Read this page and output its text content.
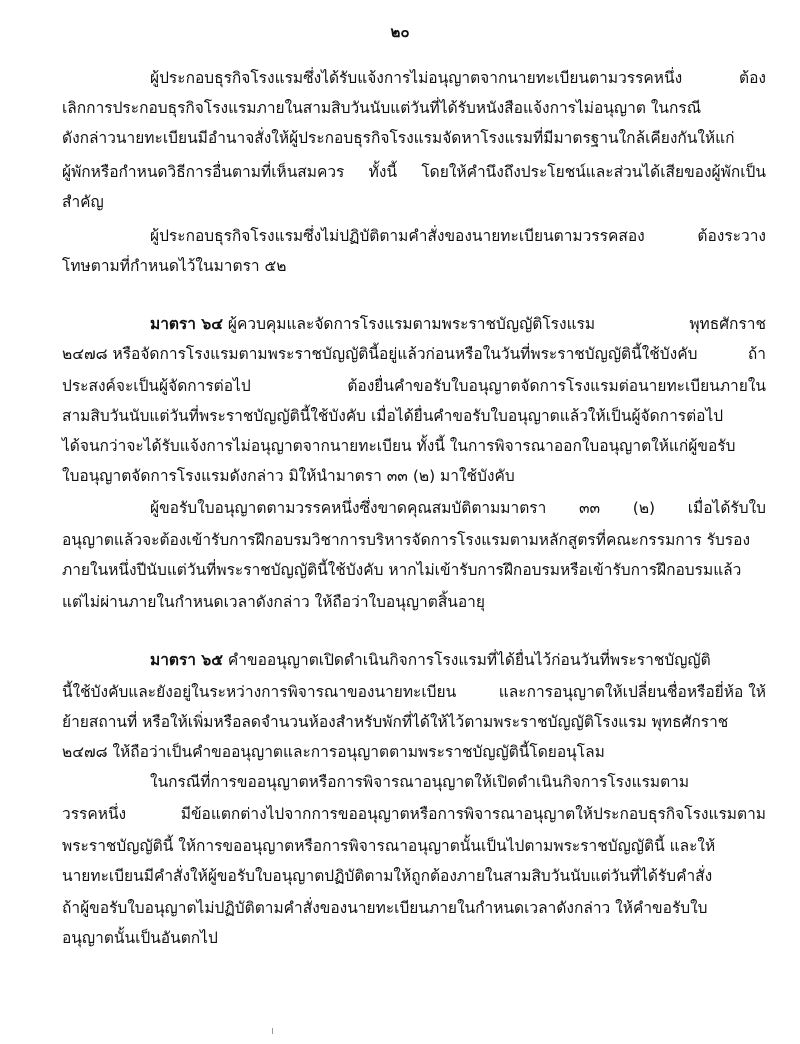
๒๐
ผู้ประกอบธุรกิจโรงแรมซึ่งได้รับแจ้งการไม่อนุญาตจากนายทะเบียนตามวรรคหนึ่ง	ต้อง
เลิกการประกอบธุรกิจโรงแรมภายในสามสิบวันนับแต่วันที่ได้รับหนังสือแจ้งการไม่อนุญาต ในกรณี
ดังกล่าวนายทะเบียนมีอำนาจสั่งให้ผู้ประกอบธุรกิจโรงแรมจัดหาโรงแรมที่มีมาตรฐานใกล้เคียงกันให้แก่
ผู้พักหรือกำหนดวิธีการอื่นตามที่เห็นสมควร ทั้งนี้ โดยให้คำนึงถึงประโยชน์และส่วนได้เสียของผู้พักเป็น
สำคัญ
ผู้ประกอบธุรกิจโรงแรมซึ่งไม่ปฏิบัติตามคำสั่งของนายทะเบียนตามวรรคสอง	ต้องระวาง
โทษตามที่กำหนดไว้ในมาตรา ๕๒
มาตรา ๖๔ ผู้ควบคุมและจัดการโรงแรมตามพระราชบัญญัติโรงแรม	พุทธศักราช
๒๔๗๘ หรือจัดการโรงแรมตามพระราชบัญญัตินี้อยู่แล้วก่อนหรือในวันที่พระราชบัญญัตินี้ใช้บังคับ	ถ้า
ประสงค์จะเป็นผู้จัดการต่อไป	ต้องยื่นคำขอรับใบอนุญาตจัดการโรงแรมต่อนายทะเบียนภายใน
สามสิบวันนับแต่วันที่พระราชบัญญัตินี้ใช้บังคับ เมื่อได้ยื่นคำขอรับใบอนุญาตแล้วให้เป็นผู้จัดการต่อไป
ได้จนกว่าจะได้รับแจ้งการไม่อนุญาตจากนายทะเบียน ทั้งนี้ ในการพิจารณาออกใบอนุญาตให้แก่ผู้ขอรับ
ใบอนุญาตจัดการโรงแรมดังกล่าว มิให้นำมาตรา ๓๓ (๒) มาใช้บังคับ
ผู้ขอรับใบอนุญาตตามวรรคหนึ่งซึ่งขาดคุณสมบัติตามมาตรา ๓๓ (๒) เมื่อได้รับใบ
อนุญาตแล้วจะต้องเข้ารับการฝึกอบรมวิชาการบริหารจัดการโรงแรมตามหลักสูตรที่คณะกรรมการ รับรอง
ภายในหนึ่งปีนับแต่วันที่พระราชบัญญัตินี้ใช้บังคับ หากไม่เข้ารับการฝึกอบรมหรือเข้ารับการฝึกอบรมแล้ว
แต่ไม่ผ่านภายในกำหนดเวลาดังกล่าว ให้ถือว่าใบอนุญาตสิ้นอายุ
มาตรา ๖๕ คำขออนุญาตเปิดดำเนินกิจการโรงแรมที่ได้ยื่นไว้ก่อนวันที่พระราชบัญญัติ
นี้ใช้บังคับและยังอยู่ในระหว่างการพิจารณาของนายทะเบียน	และการอนุญาตให้เปลี่ยนชื่อหรือยี่ห้อ ให้
ย้ายสถานที่ หรือให้เพิ่มหรือลดจำนวนห้องสำหรับพักที่ได้ให้ไว้ตามพระราชบัญญัติโรงแรม พุทธศักราช
๒๔๗๘ ให้ถือว่าเป็นคำขออนุญาตและการอนุญาตตามพระราชบัญญัตินี้โดยอนุโลม
ในกรณีที่การขออนุญาตหรือการพิจารณาอนุญาตให้เปิดดำเนินกิจการโรงแรมตาม
วรรคหนึ่ง	มีข้อแตกต่างไปจากการขออนุญาตหรือการพิจารณาอนุญาตให้ประกอบธุรกิจโรงแรมตาม
พระราชบัญญัตินี้ ให้การขออนุญาตหรือการพิจารณาอนุญาตนั้นเป็นไปตามพระราชบัญญัตินี้ และให้
นายทะเบียนมีคำสั่งให้ผู้ขอรับใบอนุญาตปฏิบัติตามให้ถูกต้องภายในสามสิบวันนับแต่วันที่ได้รับคำสั่ง
ถ้าผู้ขอรับใบอนุญาตไม่ปฏิบัติตามคำสั่งของนายทะเบียนภายในกำหนดเวลาดังกล่าว ให้คำขอรับใบ
อนุญาตนั้นเป็นอันตกไป
